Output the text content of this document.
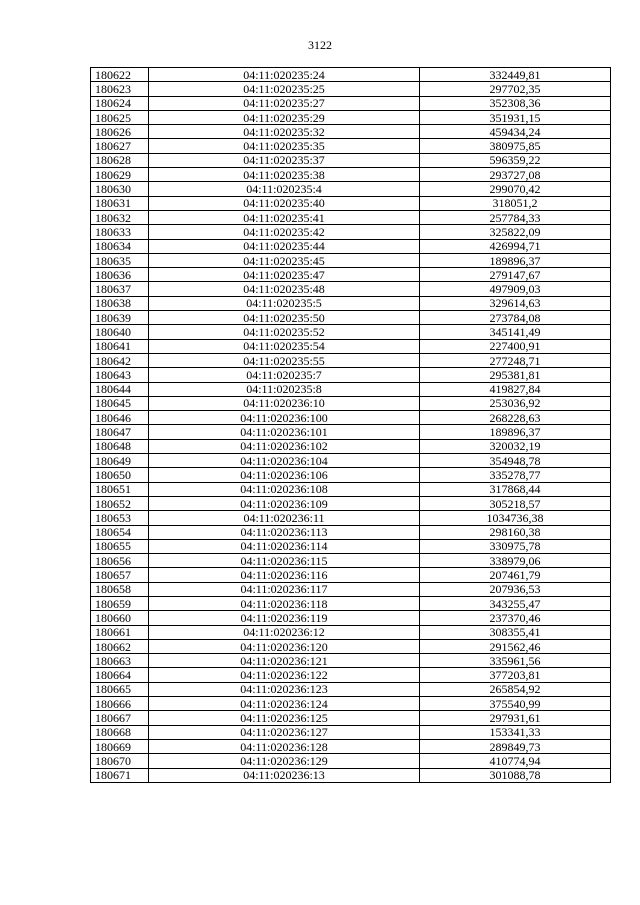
3122
180622	04:11:020235:24	332449,81
180623	04:11:020235:25	297702,35
180624	04:11:020235:27	352308,36
180625	04:11:020235:29	351931,15
180626	04:11:020235:32	459434,24
180627	04:11:020235:35	380975,85
180628	04:11:020235:37	596359,22
180629	04:11:020235:38	293727,08
180630	04:11:020235:4	299070,42
180631	04:11:020235:40	318051,2
180632	04:11:020235:41	257784,33
180633	04:11:020235:42	325822,09
180634	04:11:020235:44	426994,71
180635	04:11:020235:45	189896,37
180636	04:11:020235:47	279147,67
180637	04:11:020235:48	497909,03
180638	04:11:020235:5	329614,63
180639	04:11:020235:50	273784,08
180640	04:11:020235:52	345141,49
180641	04:11:020235:54	227400,91
180642	04:11:020235:55	277248,71
180643	04:11:020235:7	295381,81
180644	04:11:020235:8	419827,84
180645	04:11:020236:10	253036,92
180646	04:11:020236:100	268228,63
180647	04:11:020236:101	189896,37
180648	04:11:020236:102	320032,19
180649	04:11:020236:104	354948,78
180650	04:11:020236:106	335278,77
180651	04:11:020236:108	317868,44
180652	04:11:020236:109	305218,57
180653	04:11:020236:11	1034736,38
180654	04:11:020236:113	298160,38
180655	04:11:020236:114	330975,78
180656	04:11:020236:115	338979,06
180657	04:11:020236:116	207461,79
180658	04:11:020236:117	207936,53
180659	04:11:020236:118	343255,47
180660	04:11:020236:119	237370,46
180661	04:11:020236:12	308355,41
180662	04:11:020236:120	291562,46
180663	04:11:020236:121	335961,56
180664	04:11:020236:122	377203,81
180665	04:11:020236:123	265854,92
180666	04:11:020236:124	375540,99
180667	04:11:020236:125	297931,61
180668	04:11:020236:127	153341,33
180669	04:11:020236:128	289849,73
180670	04:11:020236:129	410774,94
180671	04:11:020236:13	301088,78
